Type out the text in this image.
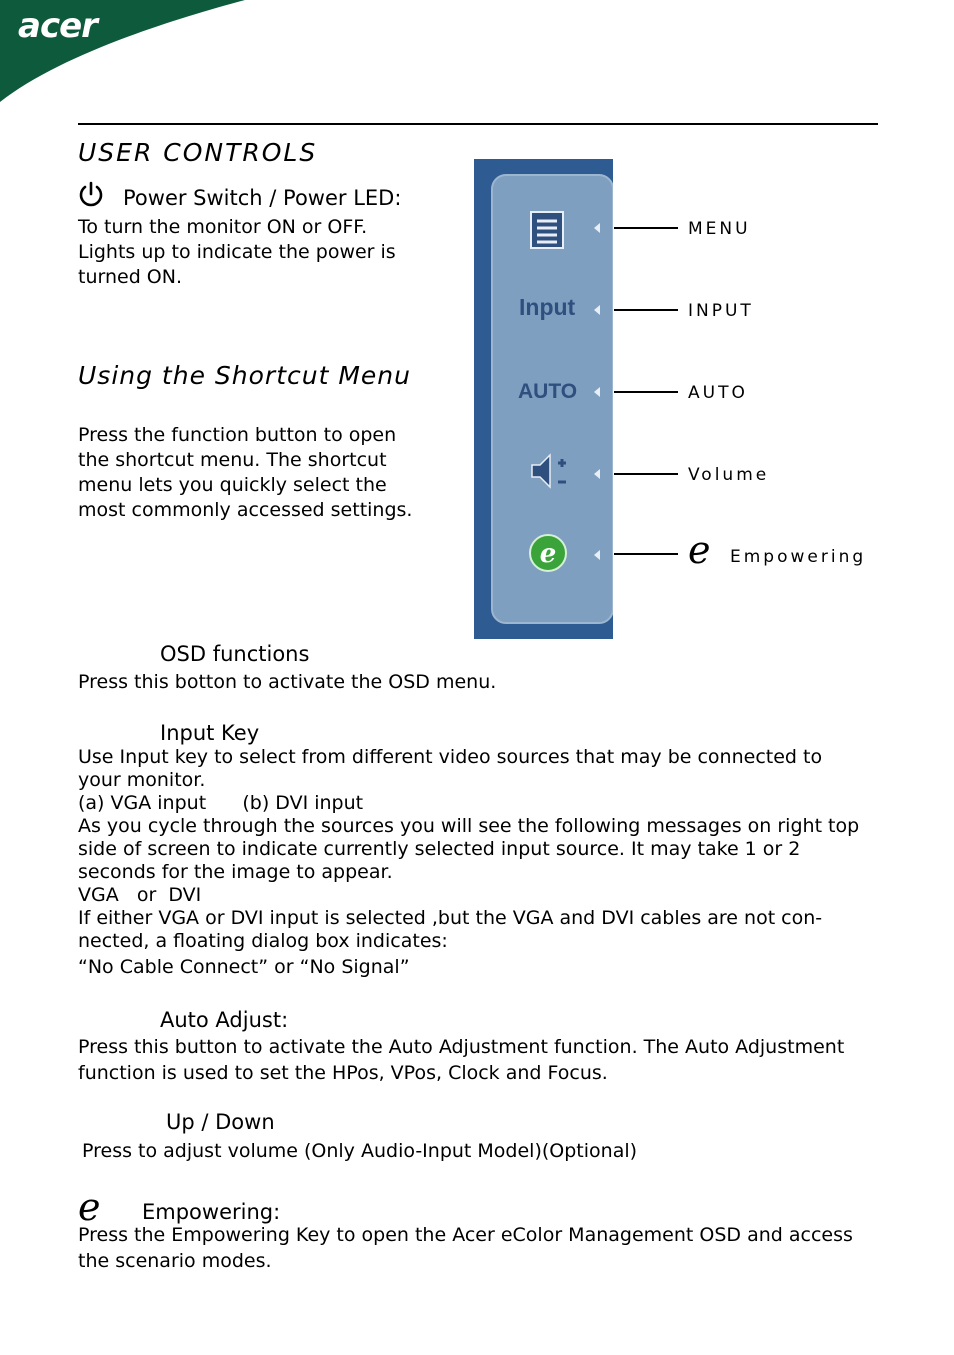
acer
USER CONTROLS
Power Switch / Power LED:
To turn the monitor ON or OFF.
Lights up to indicate the power is
turned ON.
Using the Shortcut Menu
Press the function button to open
the shortcut menu. The shortcut
menu lets you quickly select the
most commonly accessed settings.
e
Input
AUTO
MENU
INPUT
AUTO
Volume
e Empowering
OSD functions
Press this botton to activate the OSD menu.
Input Key
Use Input key to select from different video sources that may be connected to
your monitor.
(a) VGA input      (b) DVI input
As you cycle through the sources you will see the following messages on right top
side of screen to indicate currently selected input source. It may take 1 or 2
seconds for the image to appear.
VGA   or  DVI
If either VGA or DVI input is selected ,but the VGA and DVI cables are not con-
nected, a floating dialog box indicates:
“No Cable Connect” or “No Signal”
Auto Adjust:
Press this button to activate the Auto Adjustment function. The Auto Adjustment
function is used to set the HPos, VPos, Clock and Focus.
Up / Down
Press to adjust volume (Only Audio-Input Model)(Optional)
e Empowering:
Press the Empowering Key to open the Acer eColor Management OSD and access
the scenario modes.
